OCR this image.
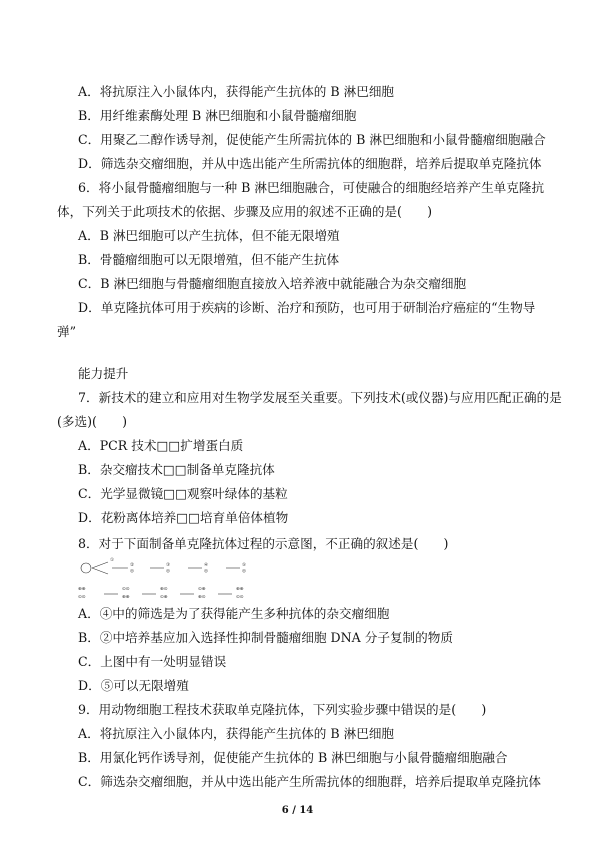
A．将抗原注入小鼠体内，获得能产生抗体的 B 淋巴细胞
B．用纤维素酶处理 B 淋巴细胞和小鼠骨髓瘤细胞
C．用聚乙二醇作诱导剂，促使能产生所需抗体的 B 淋巴细胞和小鼠骨髓瘤细胞融合
D．筛选杂交瘤细胞，并从中选出能产生所需抗体的细胞群，培养后提取单克隆抗体
6．将小鼠骨髓瘤细胞与一种 B 淋巴细胞融合，可使融合的细胞经培养产生单克隆抗
体，下列关于此项技术的依据、步骤及应用的叙述不正确的是(　　)
A．B 淋巴细胞可以产生抗体，但不能无限增殖
B．骨髓瘤细胞可以无限增殖，但不能产生抗体
C．B 淋巴细胞与骨髓瘤细胞直接放入培养液中就能融合为杂交瘤细胞
D．单克隆抗体可用于疾病的诊断、治疗和预防，也可用于研制治疗癌症的“生物导
弹”
能力提升
7．新技术的建立和应用对生物学发展至关重要。下列技术(或仪器)与应用匹配正确的是
(多选)(　　)
A．PCR 技术□□扩增蛋白质
B．杂交瘤技术□□制备单克隆抗体
C．光学显微镜□□观察叶绿体的基粒
D．花粉离体培养□□培育单倍体植物
8．对于下面制备单克隆抗体过程的示意图，不正确的叙述是(　　)
①
②
◎
③
◎
④
◎
⑤
◎
⊕⊕
⊙⊙
⊙⊙
⊕⊕
⊕⊙
⊙⊕
⊙⊕
⊕⊙
⊕⊕
⊙⊙
A．④中的筛选是为了获得能产生多种抗体的杂交瘤细胞
B．②中培养基应加入选择性抑制骨髓瘤细胞 DNA 分子复制的物质
C．上图中有一处明显错误
D．⑤可以无限增殖
9．用动物细胞工程技术获取单克隆抗体，下列实验步骤中错误的是(　　)
A．将抗原注入小鼠体内，获得能产生抗体的 B 淋巴细胞
B．用氯化钙作诱导剂，促使能产生抗体的 B 淋巴细胞与小鼠骨髓瘤细胞融合
C．筛选杂交瘤细胞，并从中选出能产生所需抗体的细胞群，培养后提取单克隆抗体
6 / 14
